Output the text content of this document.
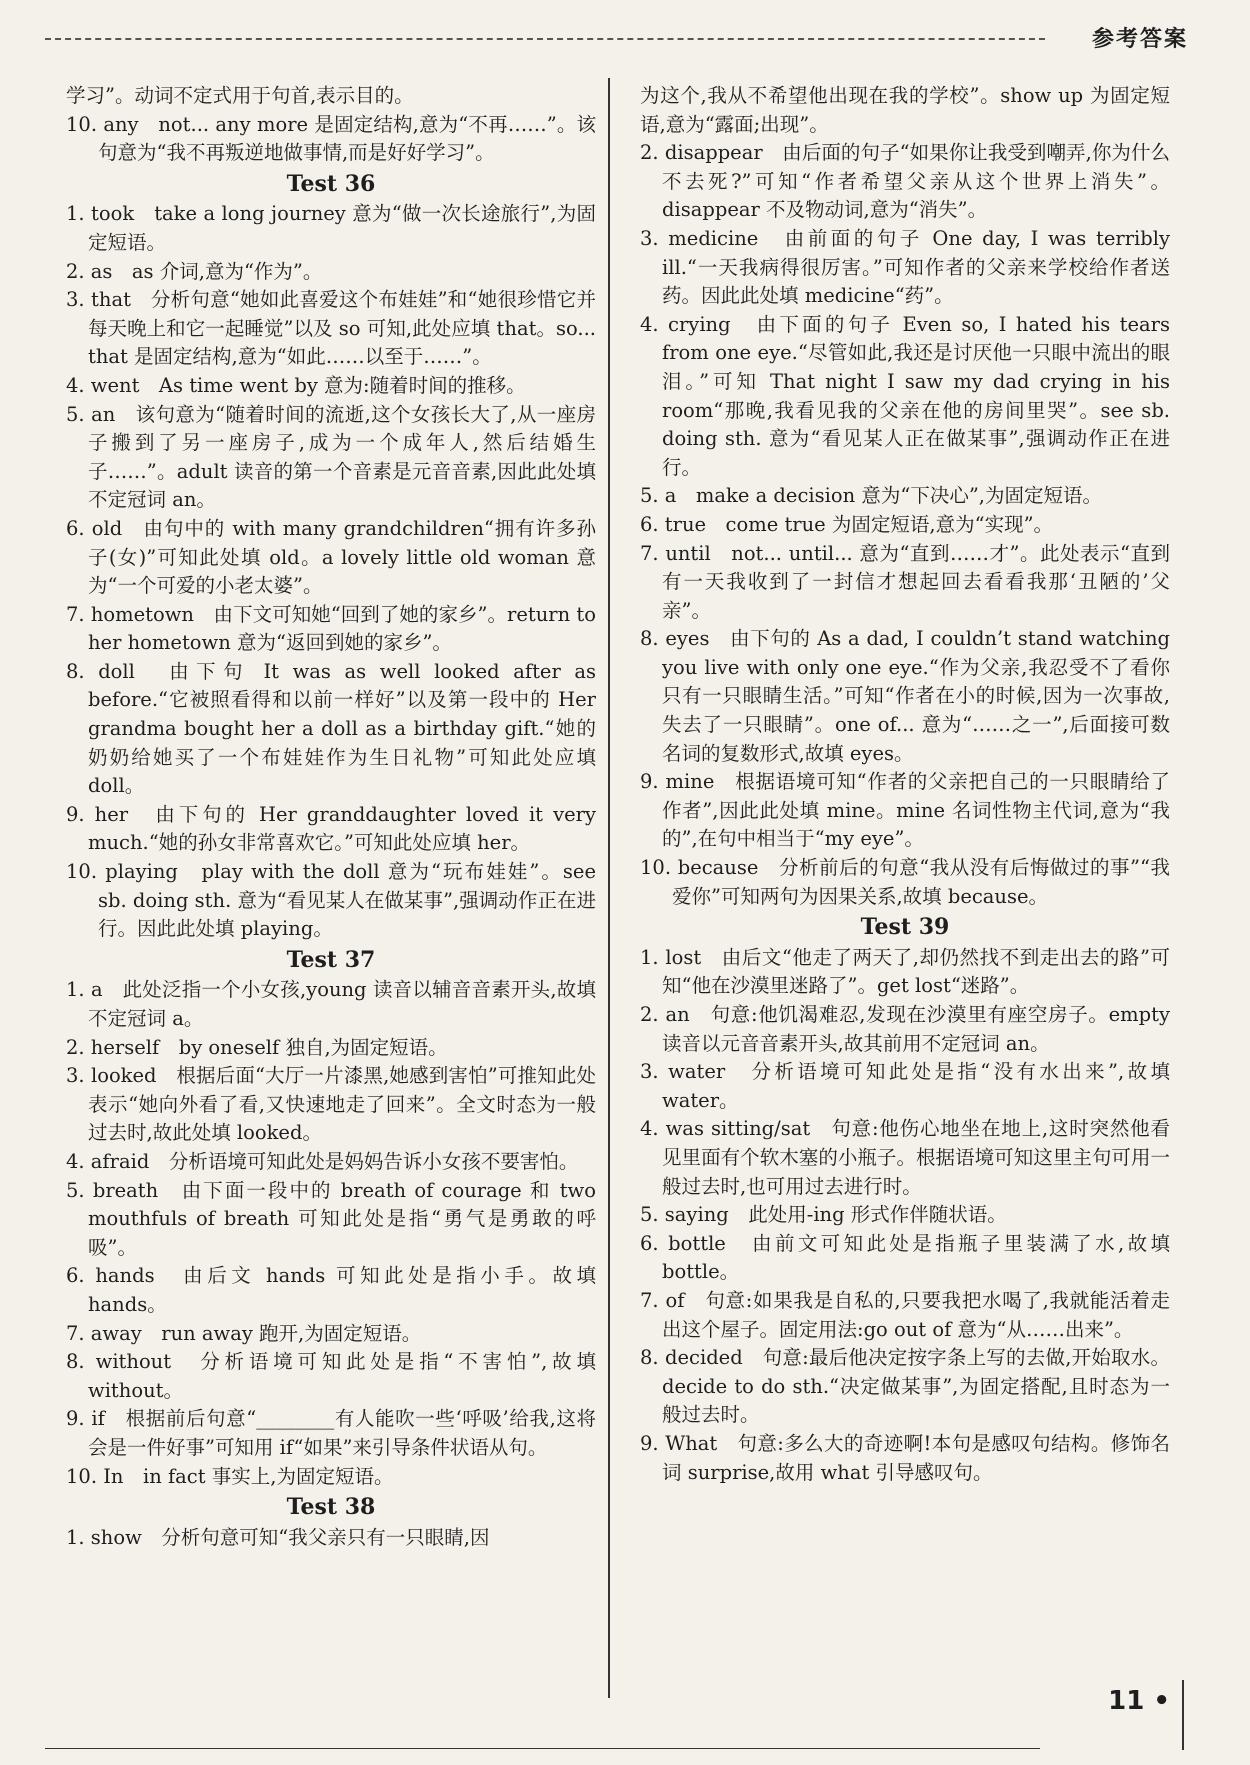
参考答案

学习”。动词不定式用于句首,表示目的。

10. any　not... any more 是固定结构,意为“不再……”。该句意为“我不再叛逆地做事情,而是好好学习”。

Test 36

1. took　take a long journey 意为“做一次长途旅行”,为固定短语。

2. as　as 介词,意为“作为”。

3. that　分析句意“她如此喜爱这个布娃娃”和“她很珍惜它并每天晚上和它一起睡觉”以及 so 可知,此处应填 that。so... that 是固定结构,意为“如此……以至于……”。

4. went　As time went by 意为:随着时间的推移。

5. an　该句意为“随着时间的流逝,这个女孩长大了,从一座房子搬到了另一座房子,成为一个成年人,然后结婚生子……”。adult 读音的第一个音素是元音音素,因此此处填不定冠词 an。

6. old　由句中的 with many grandchildren“拥有许多孙子(女)”可知此处填 old。a lovely little old woman 意为“一个可爱的小老太婆”。

7. hometown　由下文可知她“回到了她的家乡”。return to her hometown 意为“返回到她的家乡”。

8. doll　由下句 It was as well looked after as before.“它被照看得和以前一样好”以及第一段中的 Her grandma bought her a doll as a birthday gift.“她的奶奶给她买了一个布娃娃作为生日礼物”可知此处应填 doll。

9. her　由下句的 Her granddaughter loved it very much.“她的孙女非常喜欢它。”可知此处应填 her。

10. playing　play with the doll 意为“玩布娃娃”。see sb. doing sth. 意为“看见某人在做某事”,强调动作正在进行。因此此处填 playing。

Test 37

1. a　此处泛指一个小女孩,young 读音以辅音音素开头,故填不定冠词 a。

2. herself　by oneself 独自,为固定短语。

3. looked　根据后面“大厅一片漆黑,她感到害怕”可推知此处表示“她向外看了看,又快速地走了回来”。全文时态为一般过去时,故此处填 looked。

4. afraid　分析语境可知此处是妈妈告诉小女孩不要害怕。

5. breath　由下面一段中的 breath of courage 和 two mouthfuls of breath 可知此处是指“勇气是勇敢的呼吸”。

6. hands　由后文 hands 可知此处是指小手。故填 hands。

7. away　run away 跑开,为固定短语。

8. without　分析语境可知此处是指“不害怕”,故填 without。

9. if　根据前后句意“________有人能吹一些‘呼吸’给我,这将会是一件好事”可知用 if“如果”来引导条件状语从句。

10. In　in fact 事实上,为固定短语。

Test 38

1. show　分析句意可知“我父亲只有一只眼睛,因

为这个,我从不希望他出现在我的学校”。show up 为固定短语,意为“露面;出现”。

2. disappear　由后面的句子“如果你让我受到嘲弄,你为什么不去死?”可知“作者希望父亲从这个世界上消失”。disappear 不及物动词,意为“消失”。

3. medicine　由前面的句子 One day, I was terribly ill.“一天我病得很厉害。”可知作者的父亲来学校给作者送药。因此此处填 medicine“药”。

4. crying　由下面的句子 Even so, I hated his tears from one eye.“尽管如此,我还是讨厌他一只眼中流出的眼泪。”可知 That night I saw my dad crying in his room“那晚,我看见我的父亲在他的房间里哭”。see sb. doing sth. 意为“看见某人正在做某事”,强调动作正在进行。

5. a　make a decision 意为“下决心”,为固定短语。

6. true　come true 为固定短语,意为“实现”。

7. until　not... until... 意为“直到……才”。此处表示“直到有一天我收到了一封信才想起回去看看我那‘丑陋的’父亲”。

8. eyes　由下句的 As a dad, I couldn’t stand watching you live with only one eye.“作为父亲,我忍受不了看你只有一只眼睛生活。”可知“作者在小的时候,因为一次事故,失去了一只眼睛”。one of... 意为“……之一”,后面接可数名词的复数形式,故填 eyes。

9. mine　根据语境可知“作者的父亲把自己的一只眼睛给了作者”,因此此处填 mine。mine 名词性物主代词,意为“我的”,在句中相当于“my eye”。

10. because　分析前后的句意“我从没有后悔做过的事”“我爱你”可知两句为因果关系,故填 because。

Test 39

1. lost　由后文“他走了两天了,却仍然找不到走出去的路”可知“他在沙漠里迷路了”。get lost“迷路”。

2. an　句意:他饥渴难忍,发现在沙漠里有座空房子。empty 读音以元音音素开头,故其前用不定冠词 an。

3. water　分析语境可知此处是指“没有水出来”,故填 water。

4. was sitting/sat　句意:他伤心地坐在地上,这时突然他看见里面有个软木塞的小瓶子。根据语境可知这里主句可用一般过去时,也可用过去进行时。

5. saying　此处用-ing 形式作伴随状语。

6. bottle　由前文可知此处是指瓶子里装满了水,故填 bottle。

7. of　句意:如果我是自私的,只要我把水喝了,我就能活着走出这个屋子。固定用法:go out of 意为“从……出来”。

8. decided　句意:最后他决定按字条上写的去做,开始取水。decide to do sth.“决定做某事”,为固定搭配,且时态为一般过去时。

9. What　句意:多么大的奇迹啊!本句是感叹句结构。修饰名词 surprise,故用 what 引导感叹句。

11 •
